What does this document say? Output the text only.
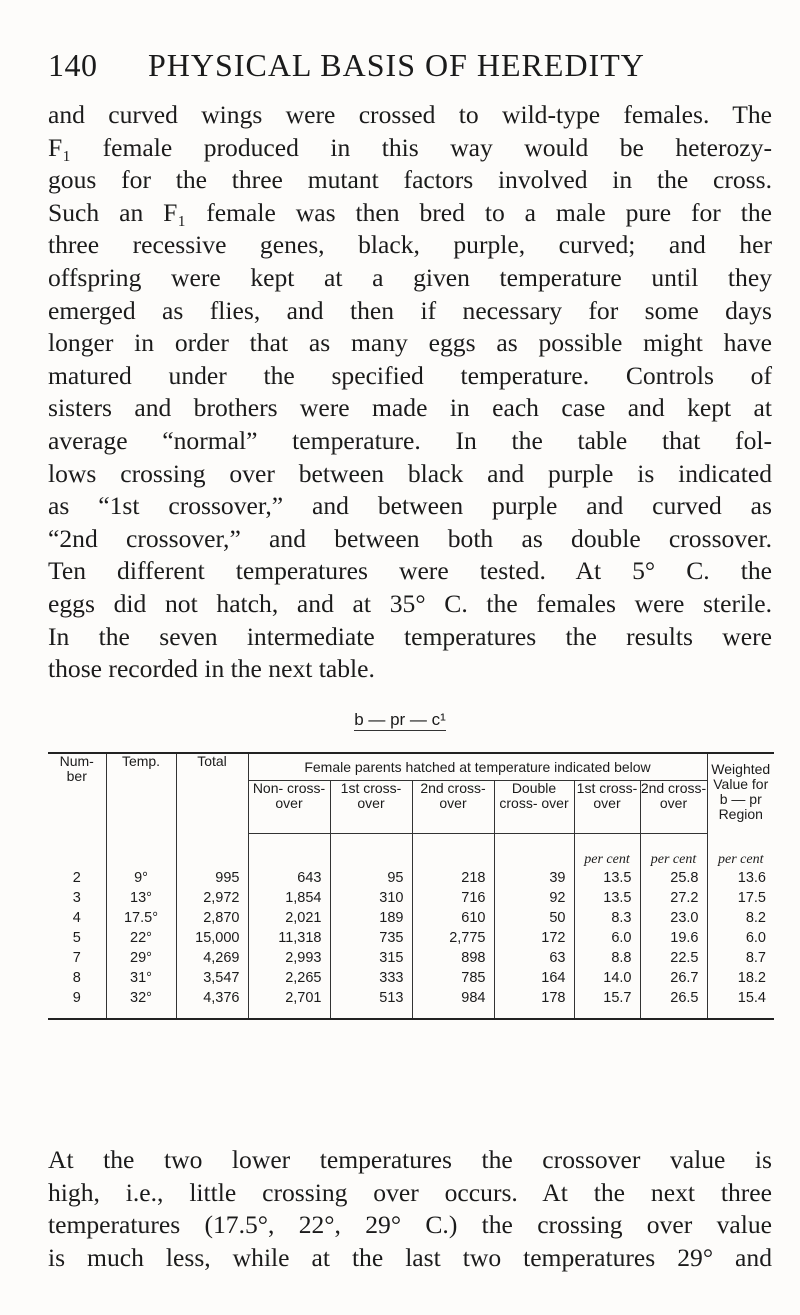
140 PHYSICAL BASIS OF HEREDITY
and curved wings were crossed to wild-type females. The
F₁ female produced in this way would be heterozy-
gous for the three mutant factors involved in the cross.
Such an F₁ female was then bred to a male pure for the
three recessive genes, black, purple, curved; and her
offspring were kept at a given temperature until they
emerged as flies, and then if necessary for some days
longer in order that as many eggs as possible might have
matured under the specified temperature. Controls of
sisters and brothers were made in each case and kept at
average “normal” temperature. In the table that fol-
lows crossing over between black and purple is indicated
as “1st crossover,” and between purple and curved as
“2nd crossover,” and between both as double crossover.
Ten different temperatures were tested. At 5° C. the
eggs did not hatch, and at 35° C. the females were sterile.
In the seven intermediate temperatures the results were
those recorded in the next table.
b — pr — c¹
Num- ber	Temp.	Total	Female parents hatched at temperature indicated below						Weighted Value for b — pr Region
			Non- cross- over	1st cross- over	2nd cross- over	Double cross- over	1st cross- over	2nd cross- over	
							per cent	per cent	per cent
2	9°	995	643	95	218	39	13.5	25.8	13.6
3	13°	2,972	1,854	310	716	92	13.5	27.2	17.5
4	17.5°	2,870	2,021	189	610	50	8.3	23.0	8.2
5	22°	15,000	11,318	735	2,775	172	6.0	19.6	6.0
7	29°	4,269	2,993	315	898	63	8.8	22.5	8.7
8	31°	3,547	2,265	333	785	164	14.0	26.7	18.2
9	32°	4,376	2,701	513	984	178	15.7	26.5	15.4
At the two lower temperatures the crossover value is
high, i.e., little crossing over occurs. At the next three
temperatures (17.5°, 22°, 29° C.) the crossing over value
is much less, while at the last two temperatures 29° and
